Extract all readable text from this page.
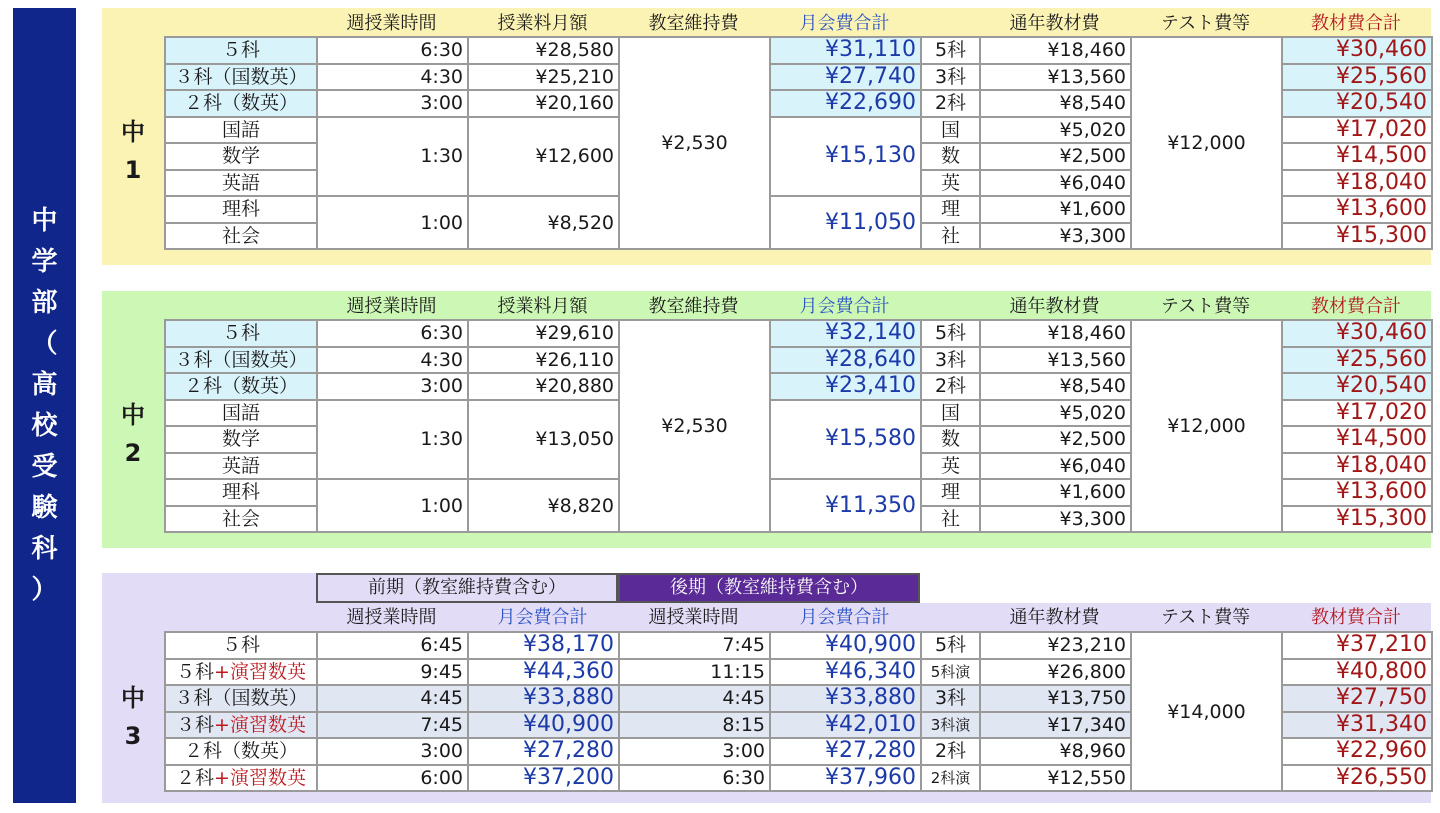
中
学
部
（
高
校
受
験
科
）
週授業時間	授業料月額	教室維持費	月会費合計	通年教材費	テスト費等	教材費合計
中
1
５科	6:30	¥28,580	¥2,530	¥31,110	5科	¥18,460	¥12,000	¥30,460
３科（国数英）	4:30	¥25,210		¥27,740	3科	¥13,560		¥25,560
２科（数英）	3:00	¥20,160		¥22,690	2科	¥8,540		¥20,540
国語	1:30	¥12,600		¥15,130	国	¥5,020		¥17,020
数学					数	¥2,500		¥14,500
英語					英	¥6,040		¥18,040
理科	1:00	¥8,520		¥11,050	理	¥1,600		¥13,600
社会					社	¥3,300		¥15,300
週授業時間	授業料月額	教室維持費	月会費合計	通年教材費	テスト費等	教材費合計
中
2
５科	6:30	¥29,610	¥2,530	¥32,140	5科	¥18,460	¥12,000	¥30,460
３科（国数英）	4:30	¥26,110		¥28,640	3科	¥13,560		¥25,560
２科（数英）	3:00	¥20,880		¥23,410	2科	¥8,540		¥20,540
国語	1:30	¥13,050		¥15,580	国	¥5,020		¥17,020
数学					数	¥2,500		¥14,500
英語					英	¥6,040		¥18,040
理科	1:00	¥8,820		¥11,350	理	¥1,600		¥13,600
社会					社	¥3,300		¥15,300
前期（教室維持費含む）	後期（教室維持費含む）
週授業時間	月会費合計	週授業時間	月会費合計	通年教材費	テスト費等	教材費合計
中
3
５科	6:45	¥38,170	7:45	¥40,900	5科	¥23,210	¥14,000	¥37,210
５科+演習数英	9:45	¥44,360	11:15	¥46,340	5科演	¥26,800		¥40,800
３科（国数英）	4:45	¥33,880	4:45	¥33,880	3科	¥13,750		¥27,750
３科+演習数英	7:45	¥40,900	8:15	¥42,010	3科演	¥17,340		¥31,340
２科（数英）	3:00	¥27,280	3:00	¥27,280	2科	¥8,960		¥22,960
２科+演習数英	6:00	¥37,200	6:30	¥37,960	2科演	¥12,550		¥26,550
